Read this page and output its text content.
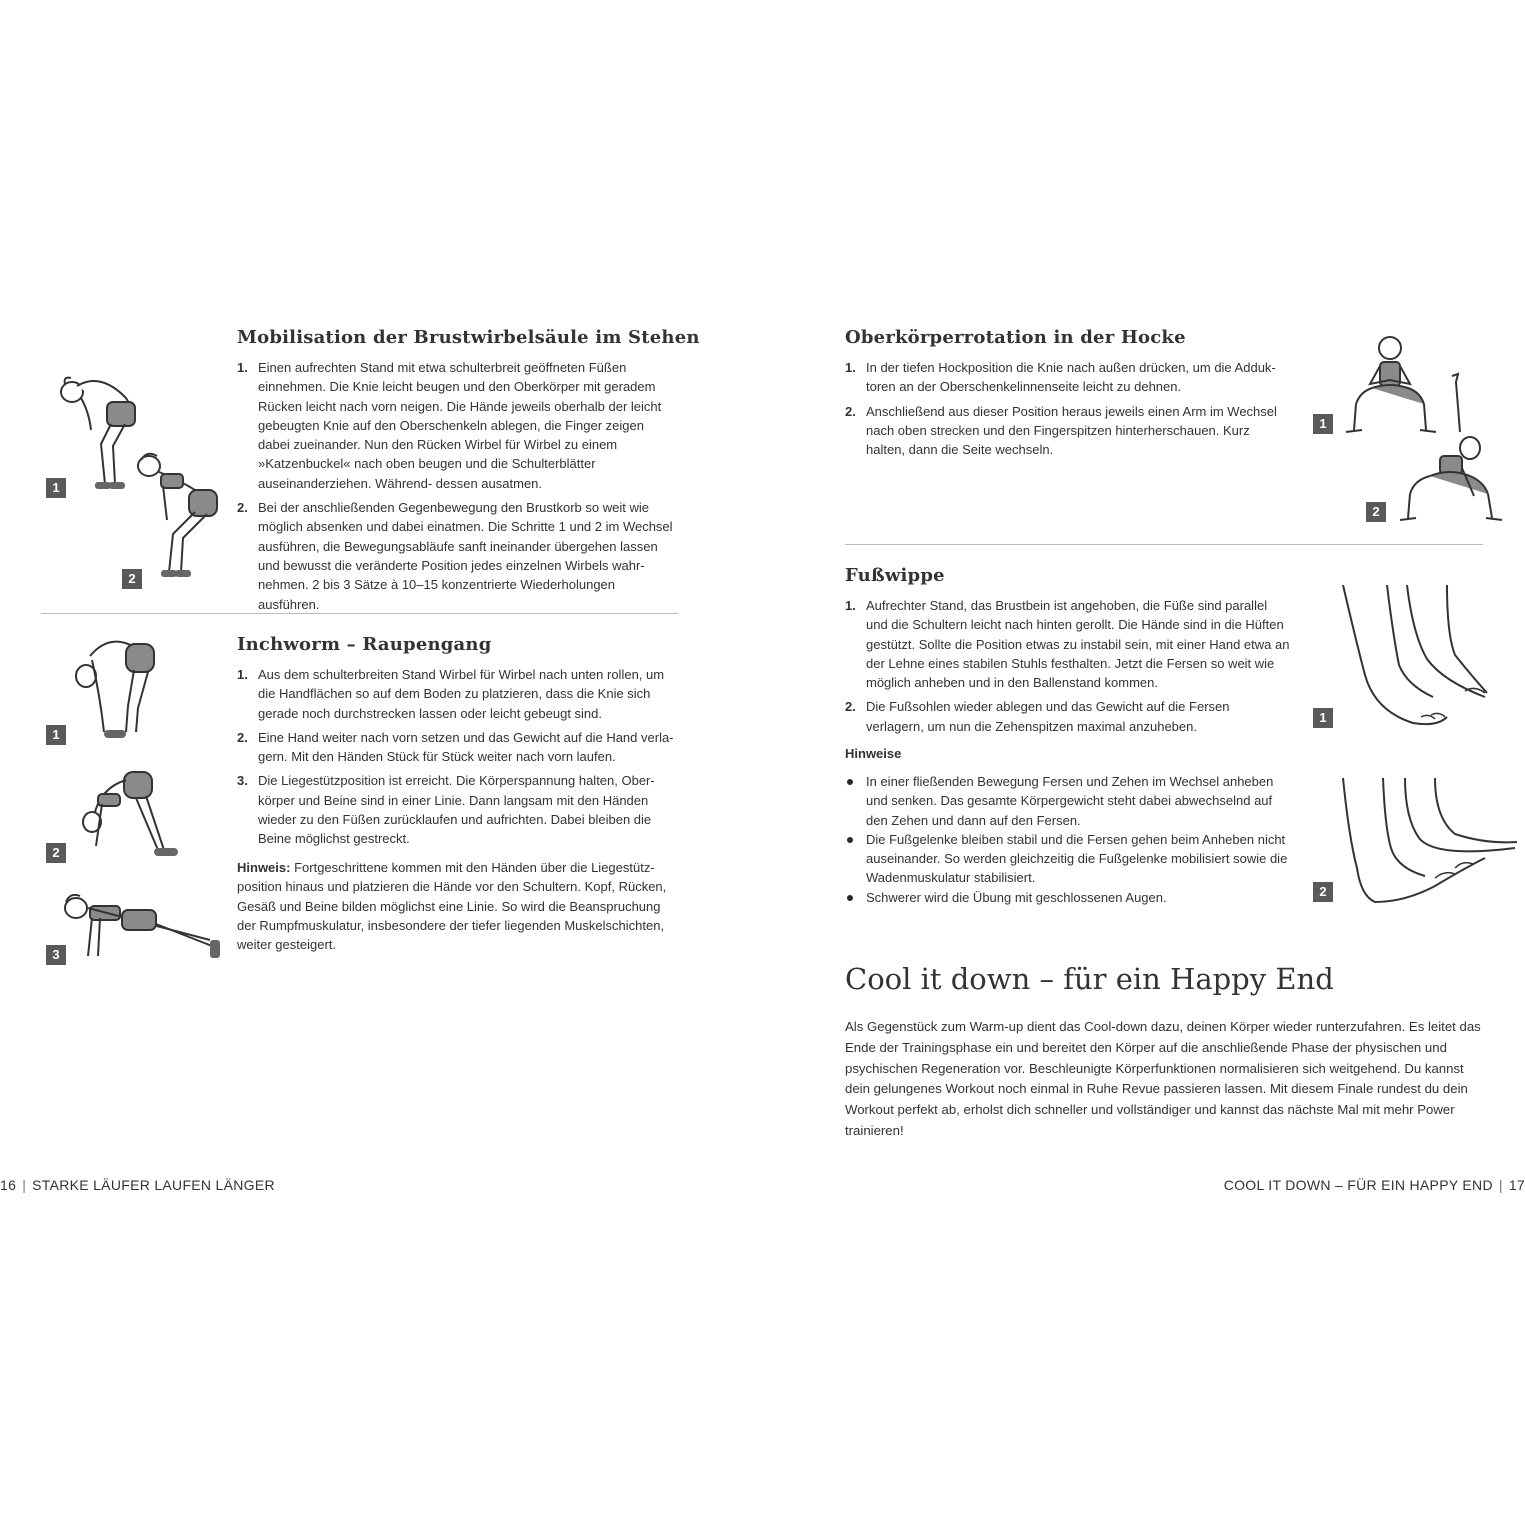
Mobilisation der Brustwirbelsäule im Stehen
1. Einen aufrechten Stand mit etwa schulterbreit geöffneten Füßen einnehmen. Die Knie leicht beugen und den Oberkörper mit geradem Rücken leicht nach vorn neigen. Die Hände jeweils oberhalb der leicht gebeugten Knie auf den Oberschenkeln ablegen, die Finger zeigen dabei zueinander. Nun den Rücken Wirbel für Wirbel zu einem »Katzenbuckel« nach oben beugen und die Schulterblätter auseinanderziehen. Während- dessen ausatmen.
2. Bei der anschließenden Gegenbewegung den Brustkorb so weit wie möglich absenken und dabei einatmen. Die Schritte 1 und 2 im Wechsel ausführen, die Bewegungsabläufe sanft ineinander übergehen lassen und bewusst die veränderte Position jedes einzelnen Wirbels wahr- nehmen. 2 bis 3 Sätze à 10–15 konzentrierte Wiederholungen ausführen.
1
2
Inchworm – Raupengang
1. Aus dem schulterbreiten Stand Wirbel für Wirbel nach unten rollen, um die Handflächen so auf dem Boden zu platzieren, dass die Knie sich gerade noch durchstrecken lassen oder leicht gebeugt sind.
2. Eine Hand weiter nach vorn setzen und das Gewicht auf die Hand verla- gern. Mit den Händen Stück für Stück weiter nach vorn laufen.
3. Die Liegestützposition ist erreicht. Die Körperspannung halten, Ober- körper und Beine sind in einer Linie. Dann langsam mit den Händen wieder zu den Füßen zurücklaufen und aufrichten. Dabei bleiben die Beine möglichst gestreckt.
Hinweis: Fortgeschrittene kommen mit den Händen über die Liegestütz- position hinaus und platzieren die Hände vor den Schultern. Kopf, Rücken, Gesäß und Beine bilden möglichst eine Linie. So wird die Beanspruchung der Rumpfmuskulatur, insbesondere der tiefer liegenden Muskelschichten, weiter gesteigert.
1
2
3
16 | STARKE LÄUFER LAUFEN LÄNGER
Oberkörperrotation in der Hocke
1. In der tiefen Hockposition die Knie nach außen drücken, um die Adduk- toren an der Oberschenkelinnenseite leicht zu dehnen.
2. Anschließend aus dieser Position heraus jeweils einen Arm im Wechsel nach oben strecken und den Fingerspitzen hinterherschauen. Kurz halten, dann die Seite wechseln.
1
2
Fußwippe
1. Aufrechter Stand, das Brustbein ist angehoben, die Füße sind parallel und die Schultern leicht nach hinten gerollt. Die Hände sind in die Hüften gestützt. Sollte die Position etwas zu instabil sein, mit einer Hand etwa an der Lehne eines stabilen Stuhls festhalten. Jetzt die Fersen so weit wie möglich anheben und in den Ballenstand kommen.
2. Die Fußsohlen wieder ablegen und das Gewicht auf die Fersen verlagern, um nun die Zehenspitzen maximal anzuheben.
Hinweise
In einer fließenden Bewegung Fersen und Zehen im Wechsel anheben und senken. Das gesamte Körpergewicht steht dabei abwechselnd auf den Zehen und dann auf den Fersen.
Die Fußgelenke bleiben stabil und die Fersen gehen beim Anheben nicht auseinander. So werden gleichzeitig die Fußgelenke mobilisiert sowie die Wadenmuskulatur stabilisiert.
Schwerer wird die Übung mit geschlossenen Augen.
1
2
Cool it down – für ein Happy End

Als Gegenstück zum Warm-up dient das Cool-down dazu, deinen Körper wieder runterzufahren. Es leitet das Ende der Trainingsphase ein und bereitet den Körper auf die anschließende Phase der physischen und psychischen Regeneration vor. Beschleunigte Körperfunktionen normalisieren sich weitgehend. Du kannst dein gelungenes Workout noch einmal in Ruhe Revue passieren lassen. Mit diesem Finale rundest du dein Workout perfekt ab, erholst dich schneller und vollständiger und kannst das nächste Mal mit mehr Power trainieren!

COOL IT DOWN – FÜR EIN HAPPY END | 17
